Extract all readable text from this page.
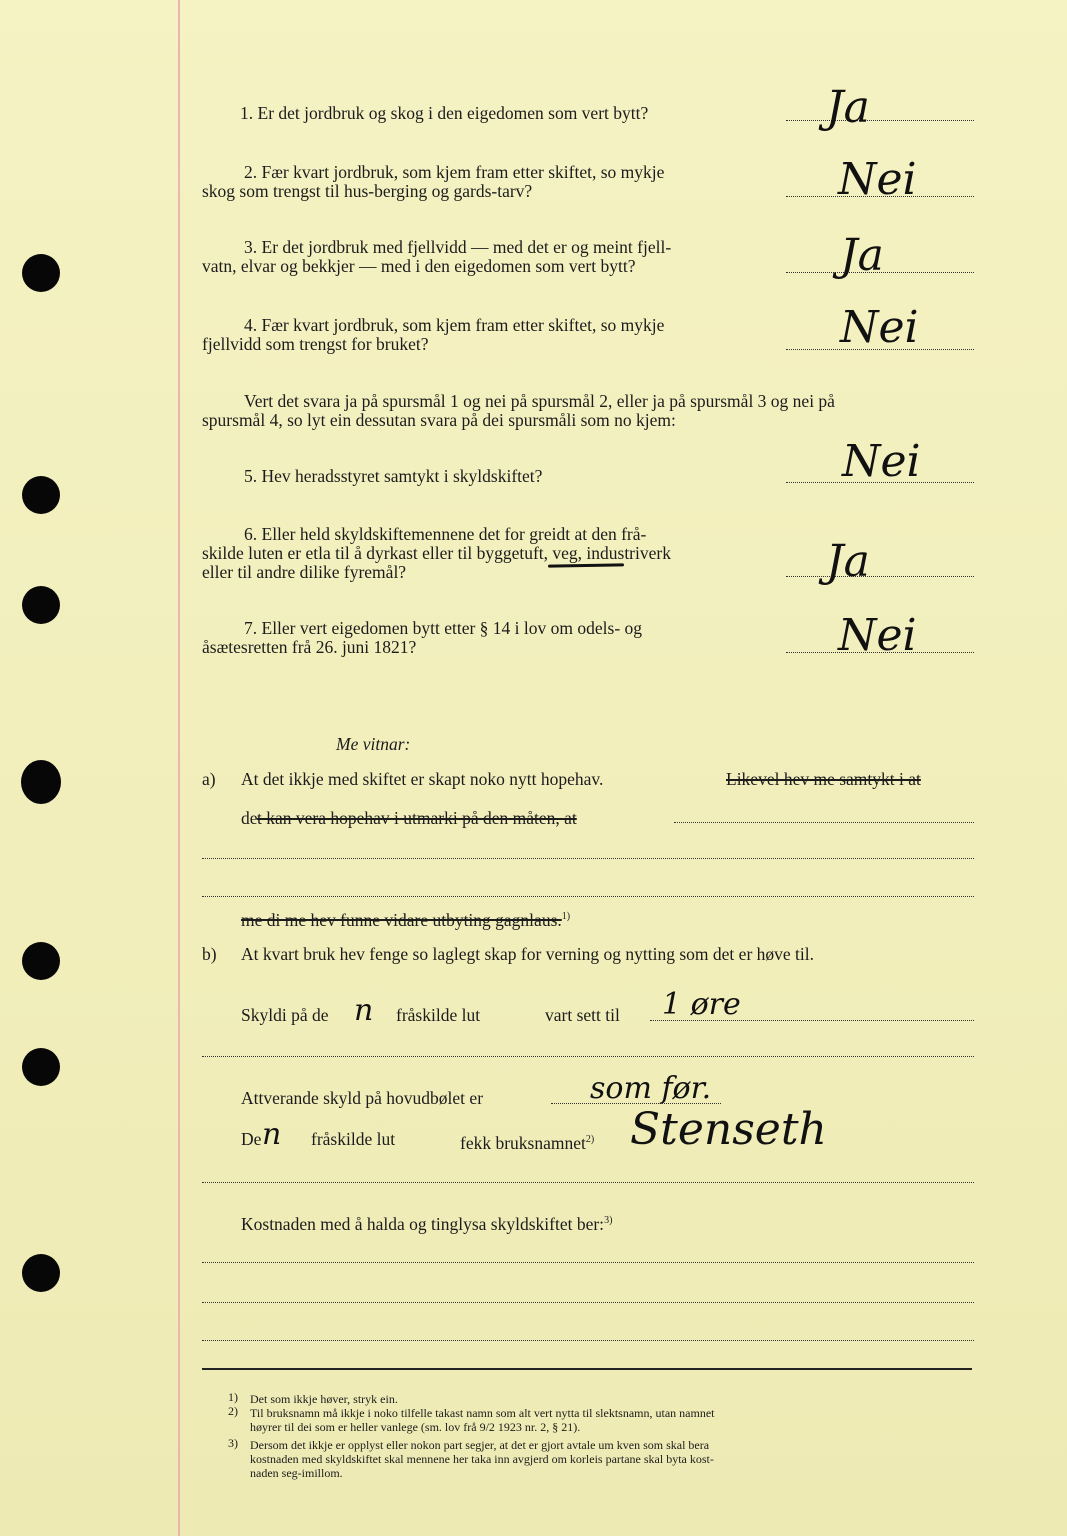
1. Er det jordbruk og skog i den eigedomen som vert bytt?	Ja
2. Fær kvart jordbruk, som kjem fram etter skiftet, so mykje
skog som trengst til hus-berging og gards-tarv?	Nei
3. Er det jordbruk med fjellvidd — med det er og meint fjell-
vatn, elvar og bekkjer — med i den eigedomen som vert bytt?	Ja
4. Fær kvart jordbruk, som kjem fram etter skiftet, so mykje
fjellvidd som trengst for bruket?	Nei
Vert det svara ja på spursmål 1 og nei på spursmål 2, eller ja på spursmål 3 og nei på
spursmål 4, so lyt ein dessutan svara på dei spursmåli som no kjem:
5. Hev heradsstyret samtykt i skyldskiftet?	Nei
6. Eller held skyldskiftemennene det for greidt at den frå-
skilde luten er etla til å dyrkast eller til byggetuft, veg, industriverk
eller til andre dilike fyremål?	Ja
7. Eller vert eigedomen bytt etter § 14 i lov om odels- og
åsætesretten frå 26. juni 1821?	Nei
Me vitnar:
a) At det ikkje med skiftet er skapt noko nytt hopehav.	Likevel hev me samtykt i at
de t kan vera hopehav i utmarki på den måten, at
me di me hev funne vidare utbyting gagnlaus.$^{1)}$
b) At kvart bruk hev fenge so laglegt skap for verning og nytting som det er høve til.
Skyldi på de n fråskilde lut	vart sett til 1 øre
Attverande skyld på hovudbølet er	som før.
De n fråskilde lut	fekk bruksnamnet$^{2)}$ Stenseth
Kostnaden med å halda og tinglysa skyldskiftet ber:$^{3)}$
1) Det som ikkje høver, stryk ein.
2) Til bruksnamn må ikkje i noko tilfelle takast namn som alt vert nytta til slektsnamn, utan namnet
høyrer til dei som er heller vanlege (sm. lov frå 9/2 1923 nr. 2, § 21).
3) Dersom det ikkje er opplyst eller nokon part segjer, at det er gjort avtale um kven som skal bera
kostnaden med skyldskiftet skal mennene her taka inn avgjerd om korleis partane skal byta kost-
naden seg-imillom.
